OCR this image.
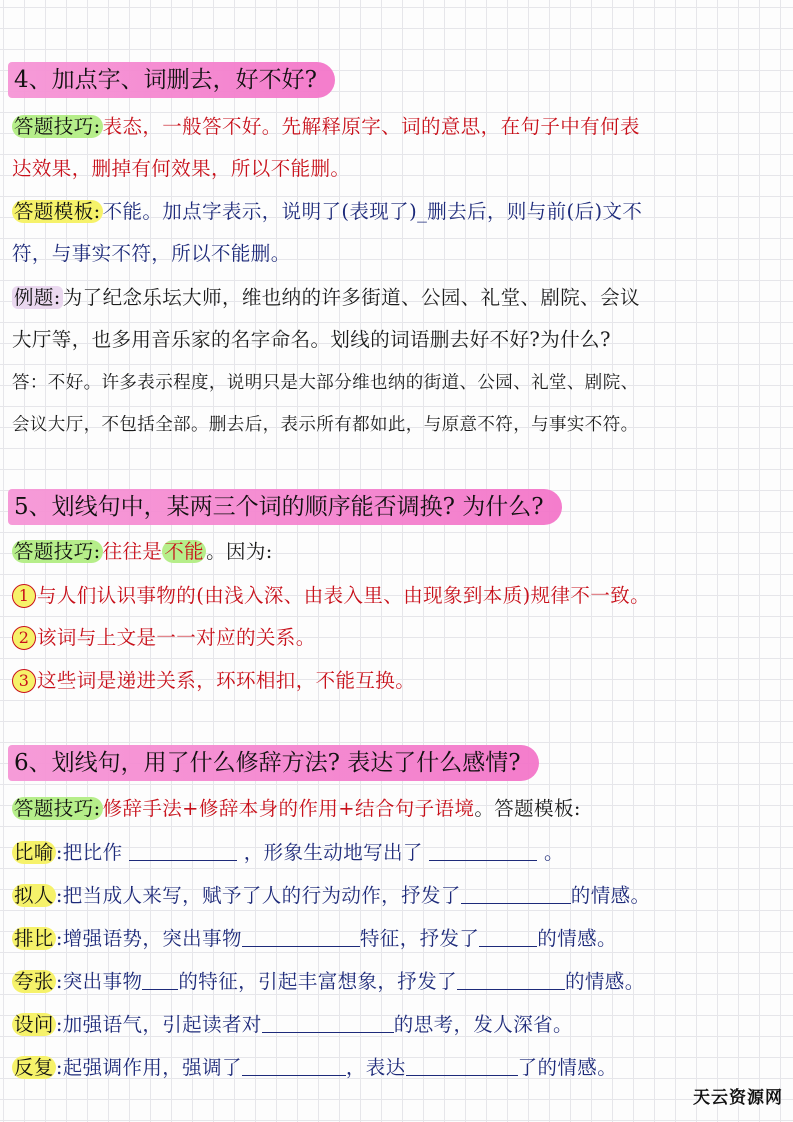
4、加点字、词删去，好不好?
答题技巧: 表态，一般答不好。先解释原字、词的意思，在句子中有何表
达效果，删掉有何效果，所以不能删。
答题模板: 不能。加点字表示，说明了(表现了)_删去后，则与前(后)文不
符，与事实不符，所以不能删。
例题: 为了纪念乐坛大师，维也纳的许多街道、公园、礼堂、剧院、会议
大厅等，也多用音乐家的名字命名。划线的词语删去好不好?为什么?
答：不好。许多表示程度，说明只是大部分维也纳的街道、公园、礼堂、剧院、
会议大厅，不包括全部。删去后，表示所有都如此，与原意不符，与事实不符。
5、划线句中，某两三个词的顺序能否调换? 为什么?
答题技巧: 往往是 不能 。因为:
1 与人们认识事物的(由浅入深、由表入里、由现象到本质)规律不一致。
2 该词与上文是一一对应的关系。
3 这些词是递进关系，环环相扣，不能互换。
6、划线句，用了什么修辞方法? 表达了什么感情?
答题技巧: 修辞手法+修辞本身的作用+结合句子语境。答题模板:
比喻 :把比作	，形象生动地写出了	。
拟人 :把当成人来写，赋予了人的行为动作，抒发了	的情感。
排比 :增强语势，突出事物	特征，抒发了	的情感。
夸张 :突出事物 的特征，引起丰富想象，抒发了	的情感。
设问 :加强语气，引起读者对	的思考，发人深省。
反复 :起强调作用，强调了	，表达	了的情感。
天云资源网
